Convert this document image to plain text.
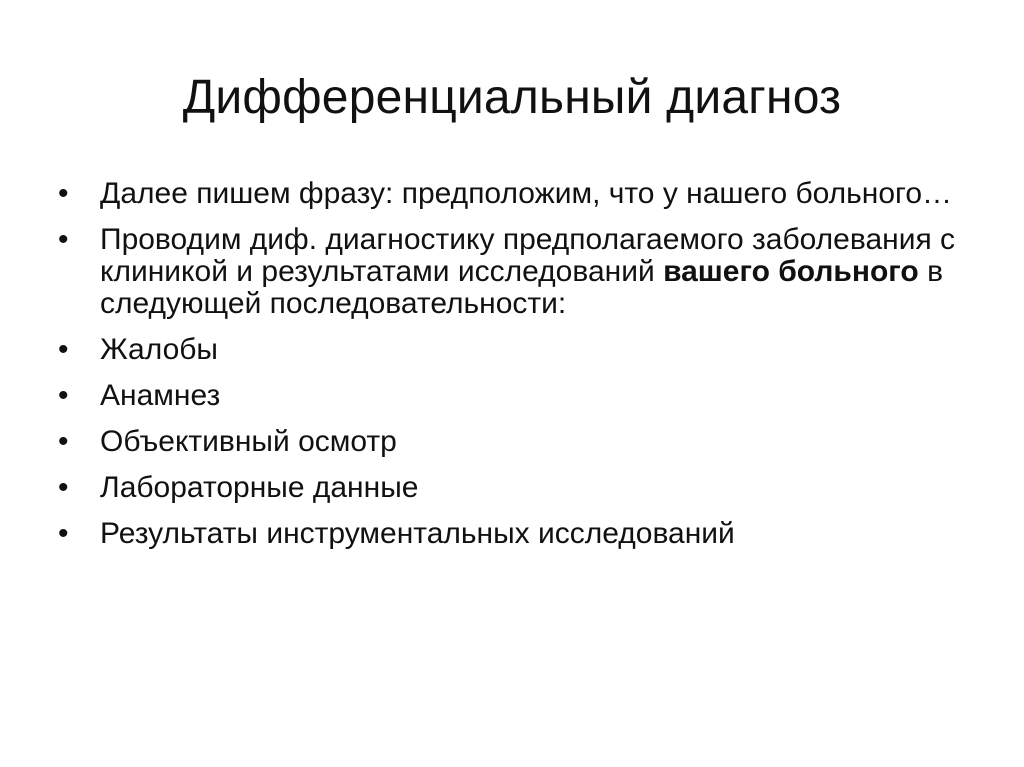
Дифференциальный диагноз
• Далее пишем фразу: предположим, что у нашего больного…
• Проводим диф. диагностику предполагаемого заболевания с клиникой и результатами исследований вашего больного в следующей последовательности:
• Жалобы
• Анамнез
• Объективный осмотр
• Лабораторные данные
• Результаты инструментальных исследований
